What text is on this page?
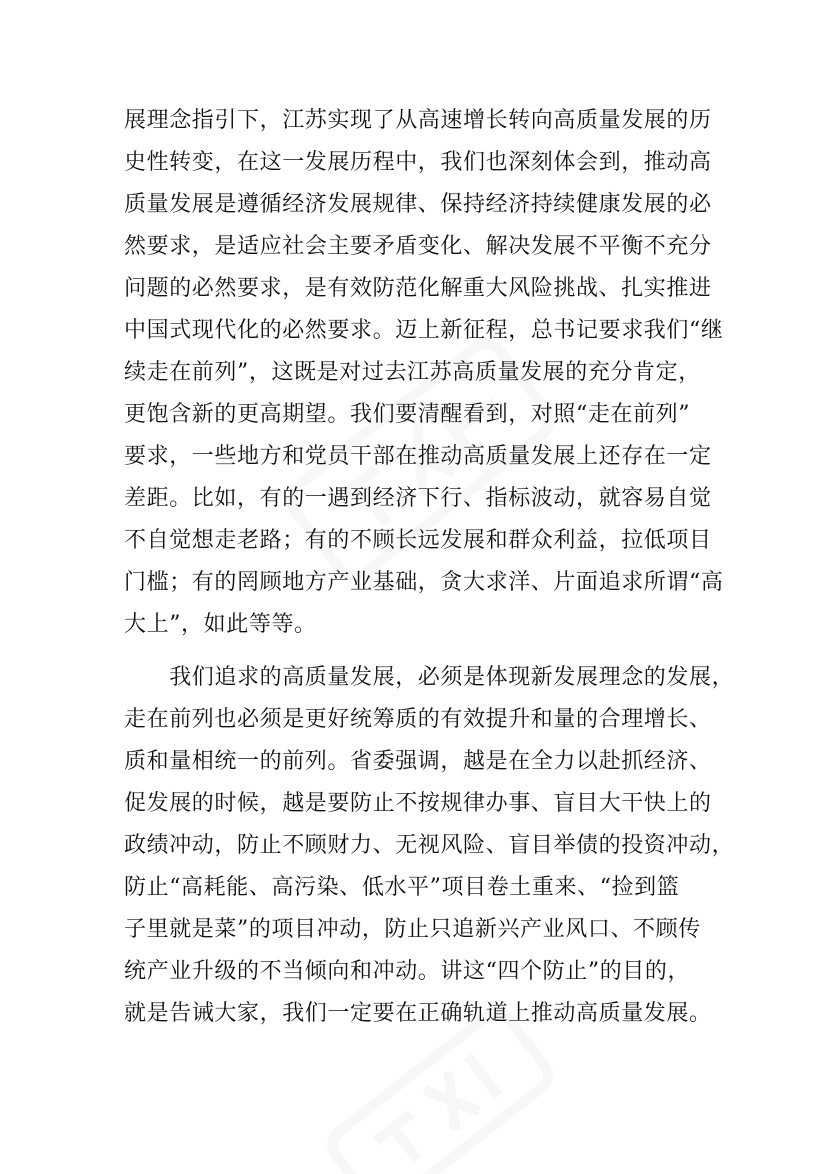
展理念指引下，江苏实现了从高速增长转向高质量发展的历
史性转变，在这一发展历程中，我们也深刻体会到，推动高
质量发展是遵循经济发展规律、保持经济持续健康发展的必
然要求，是适应社会主要矛盾变化、解决发展不平衡不充分
问题的必然要求，是有效防范化解重大风险挑战、扎实推进
中国式现代化的必然要求。迈上新征程，总书记要求我们“继
续走在前列”，这既是对过去江苏高质量发展的充分肯定，
更饱含新的更高期望。我们要清醒看到，对照“走在前列”
要求，一些地方和党员干部在推动高质量发展上还存在一定
差距。比如，有的一遇到经济下行、指标波动，就容易自觉
不自觉想走老路；有的不顾长远发展和群众利益，拉低项目
门槛；有的罔顾地方产业基础，贪大求洋、片面追求所谓“高
大上”，如此等等。
　　我们追求的高质量发展，必须是体现新发展理念的发展，
走在前列也必须是更好统筹质的有效提升和量的合理增长、
质和量相统一的前列。省委强调，越是在全力以赴抓经济、
促发展的时候，越是要防止不按规律办事、盲目大干快上的
政绩冲动，防止不顾财力、无视风险、盲目举债的投资冲动，
防止“高耗能、高污染、低水平”项目卷土重来、“捡到篮
子里就是菜”的项目冲动，防止只追新兴产业风口、不顾传
统产业升级的不当倾向和冲动。讲这“四个防止”的目的，
就是告诫大家，我们一定要在正确轨道上推动高质量发展。
